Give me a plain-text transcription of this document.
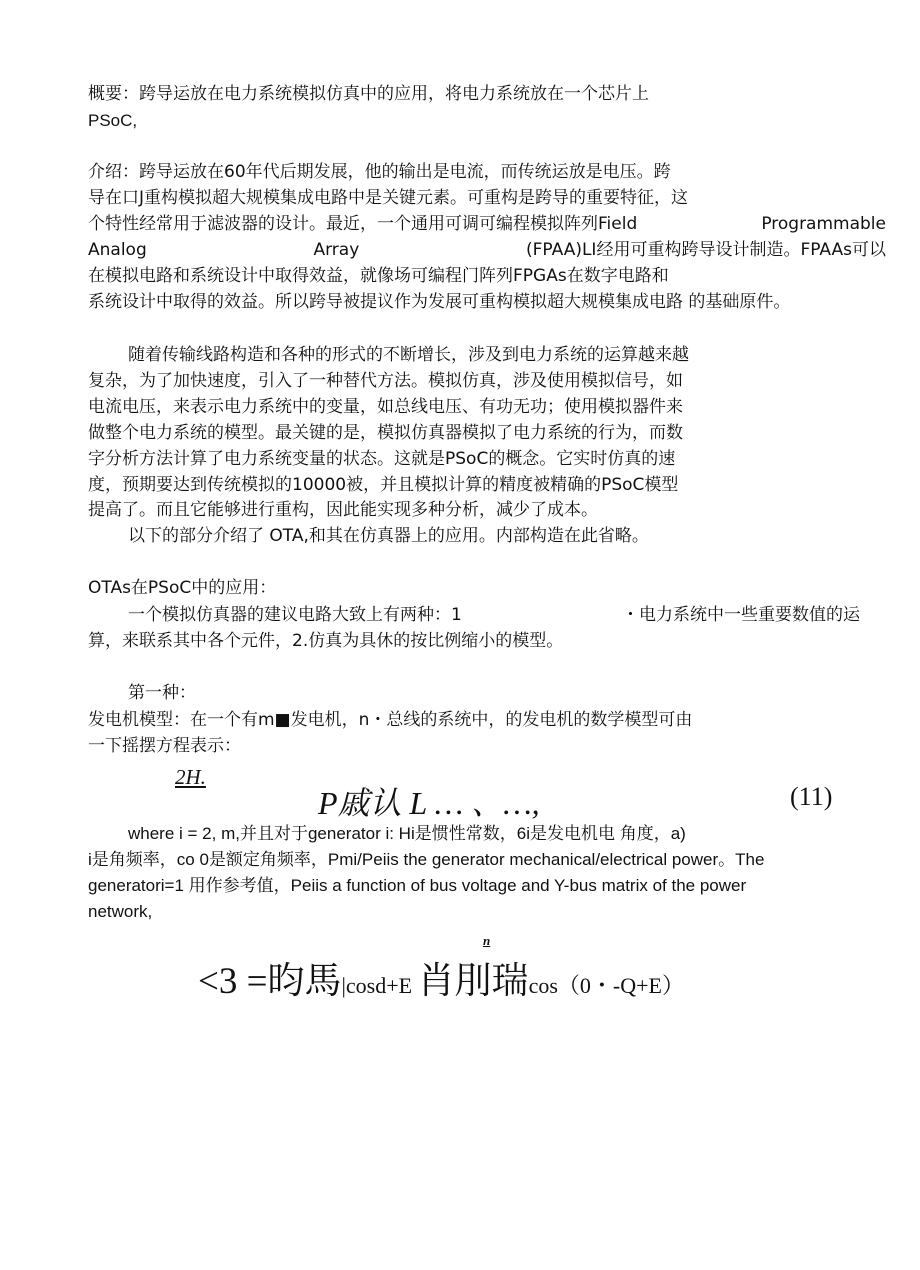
概要：跨导运放在电力系统模拟仿真中的应用，将电力系统放在一个芯片上
PSoC,
介绍：跨导运放在60年代后期发展，他的输出是电流，而传统运放是电压。跨
导在口J重构模拟超大规模集成电路中是关键元素。可重构是跨导的重要特征，这
个特性经常用于滤波器的设计。最近，一个通用可调可编程模拟阵列Field	Programmable
Analog	Array	(FPAA)LI经用可重构跨导设计制造。FPAAs可以
在模拟电路和系统设计中取得效益，就像场可编程门阵列FPGAs在数字电路和
系统设计中取得的效益。所以跨导被提议作为发展可重构模拟超大规模集成电路 的基础原件。
随着传输线路构造和各种的形式的不断增长，涉及到电力系统的运算越来越
复杂，为了加快速度，引入了一种替代方法。模拟仿真，涉及使用模拟信号，如
电流电压，来表示电力系统中的变量，如总线电压、有功无功；使用模拟器件来
做整个电力系统的模型。最关键的是，模拟仿真器模拟了电力系统的行为，而数
字分析方法计算了电力系统变量的状态。这就是PSoC的概念。它实时仿真的速
度，预期要达到传统模拟的10000被，并且模拟计算的精度被精确的PSoC模型
提高了。而且它能够进行重构，因此能实现多种分析，减少了成本。
以下的部分介绍了 OTA,和其在仿真器上的应用。内部构造在此省略。
OTAs在PSoC中的应用：
一个模拟仿真器的建议电路大致上有两种：1	・电力系统中一些重要数值的运
算，来联系其中各个元件，2.仿真为具休的按比例缩小的模型。
第一种：
发电机模型：在一个有m■发电机，n・总线的系统中，的发电机的数学模型可由
一下摇摆方程表示：
2H.
P戚认 L … 、…,	(11)
where i = 2, m,并且对于generator i: Hi是惯性常数，6i是发电机电 角度，a)
i是角频率，co 0是额定角频率，Pmi/Peiis the generator mechanical/electrical power。The
generatori=1 用作参考值，Peiis a function of bus voltage and Y-bus matrix of the power
network,
n
<3 =昀馬|cosd+E 肖刖瑞cos（0・-Q+E）
